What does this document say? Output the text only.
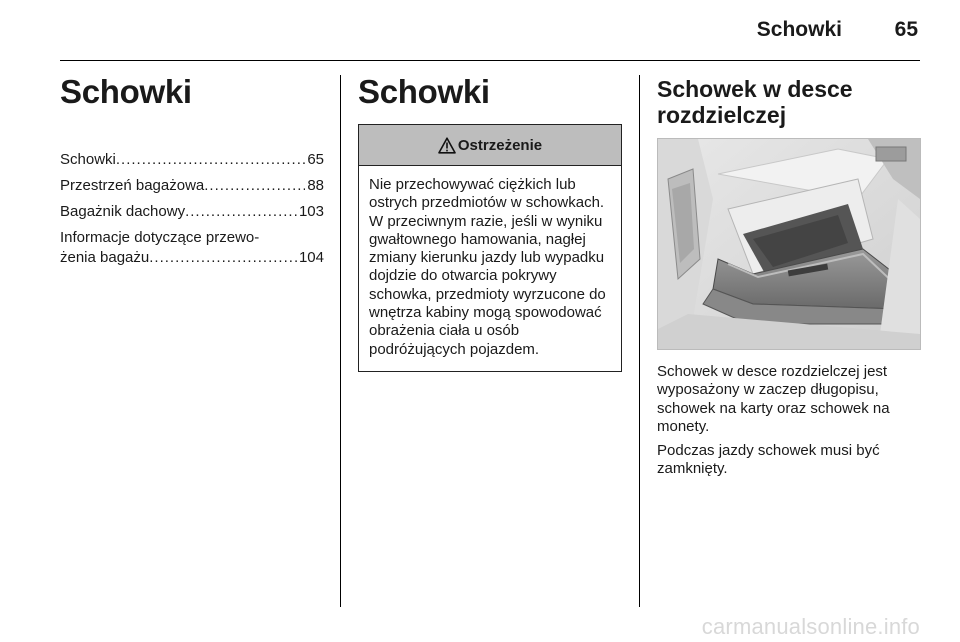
Schowki	65
Schowki
Schowki .....	65
Przestrzeń bagażowa .....	88
Bagażnik dachowy .....	103
Informacje dotyczące przewo-
żenia bagażu .....	104
Schowki
Ostrzeżenie
Nie przechowywać ciężkich lub ostrych przedmiotów w schowkach. W przeciwnym razie, jeśli w wyniku gwałtownego hamowania, nagłej zmiany kierunku jazdy lub wypadku dojdzie do otwarcia pokrywy schowka, przedmioty wyrzucone do wnętrza kabiny mogą spowodować obrażenia ciała u osób podróżujących pojazdem.
Schowek w desce rozdzielczej

Schowek w desce rozdzielczej jest wyposażony w zaczep długopisu, schowek na karty oraz schowek na monety.

Podczas jazdy schowek musi być zamknięty.

carmanualsonline.info
